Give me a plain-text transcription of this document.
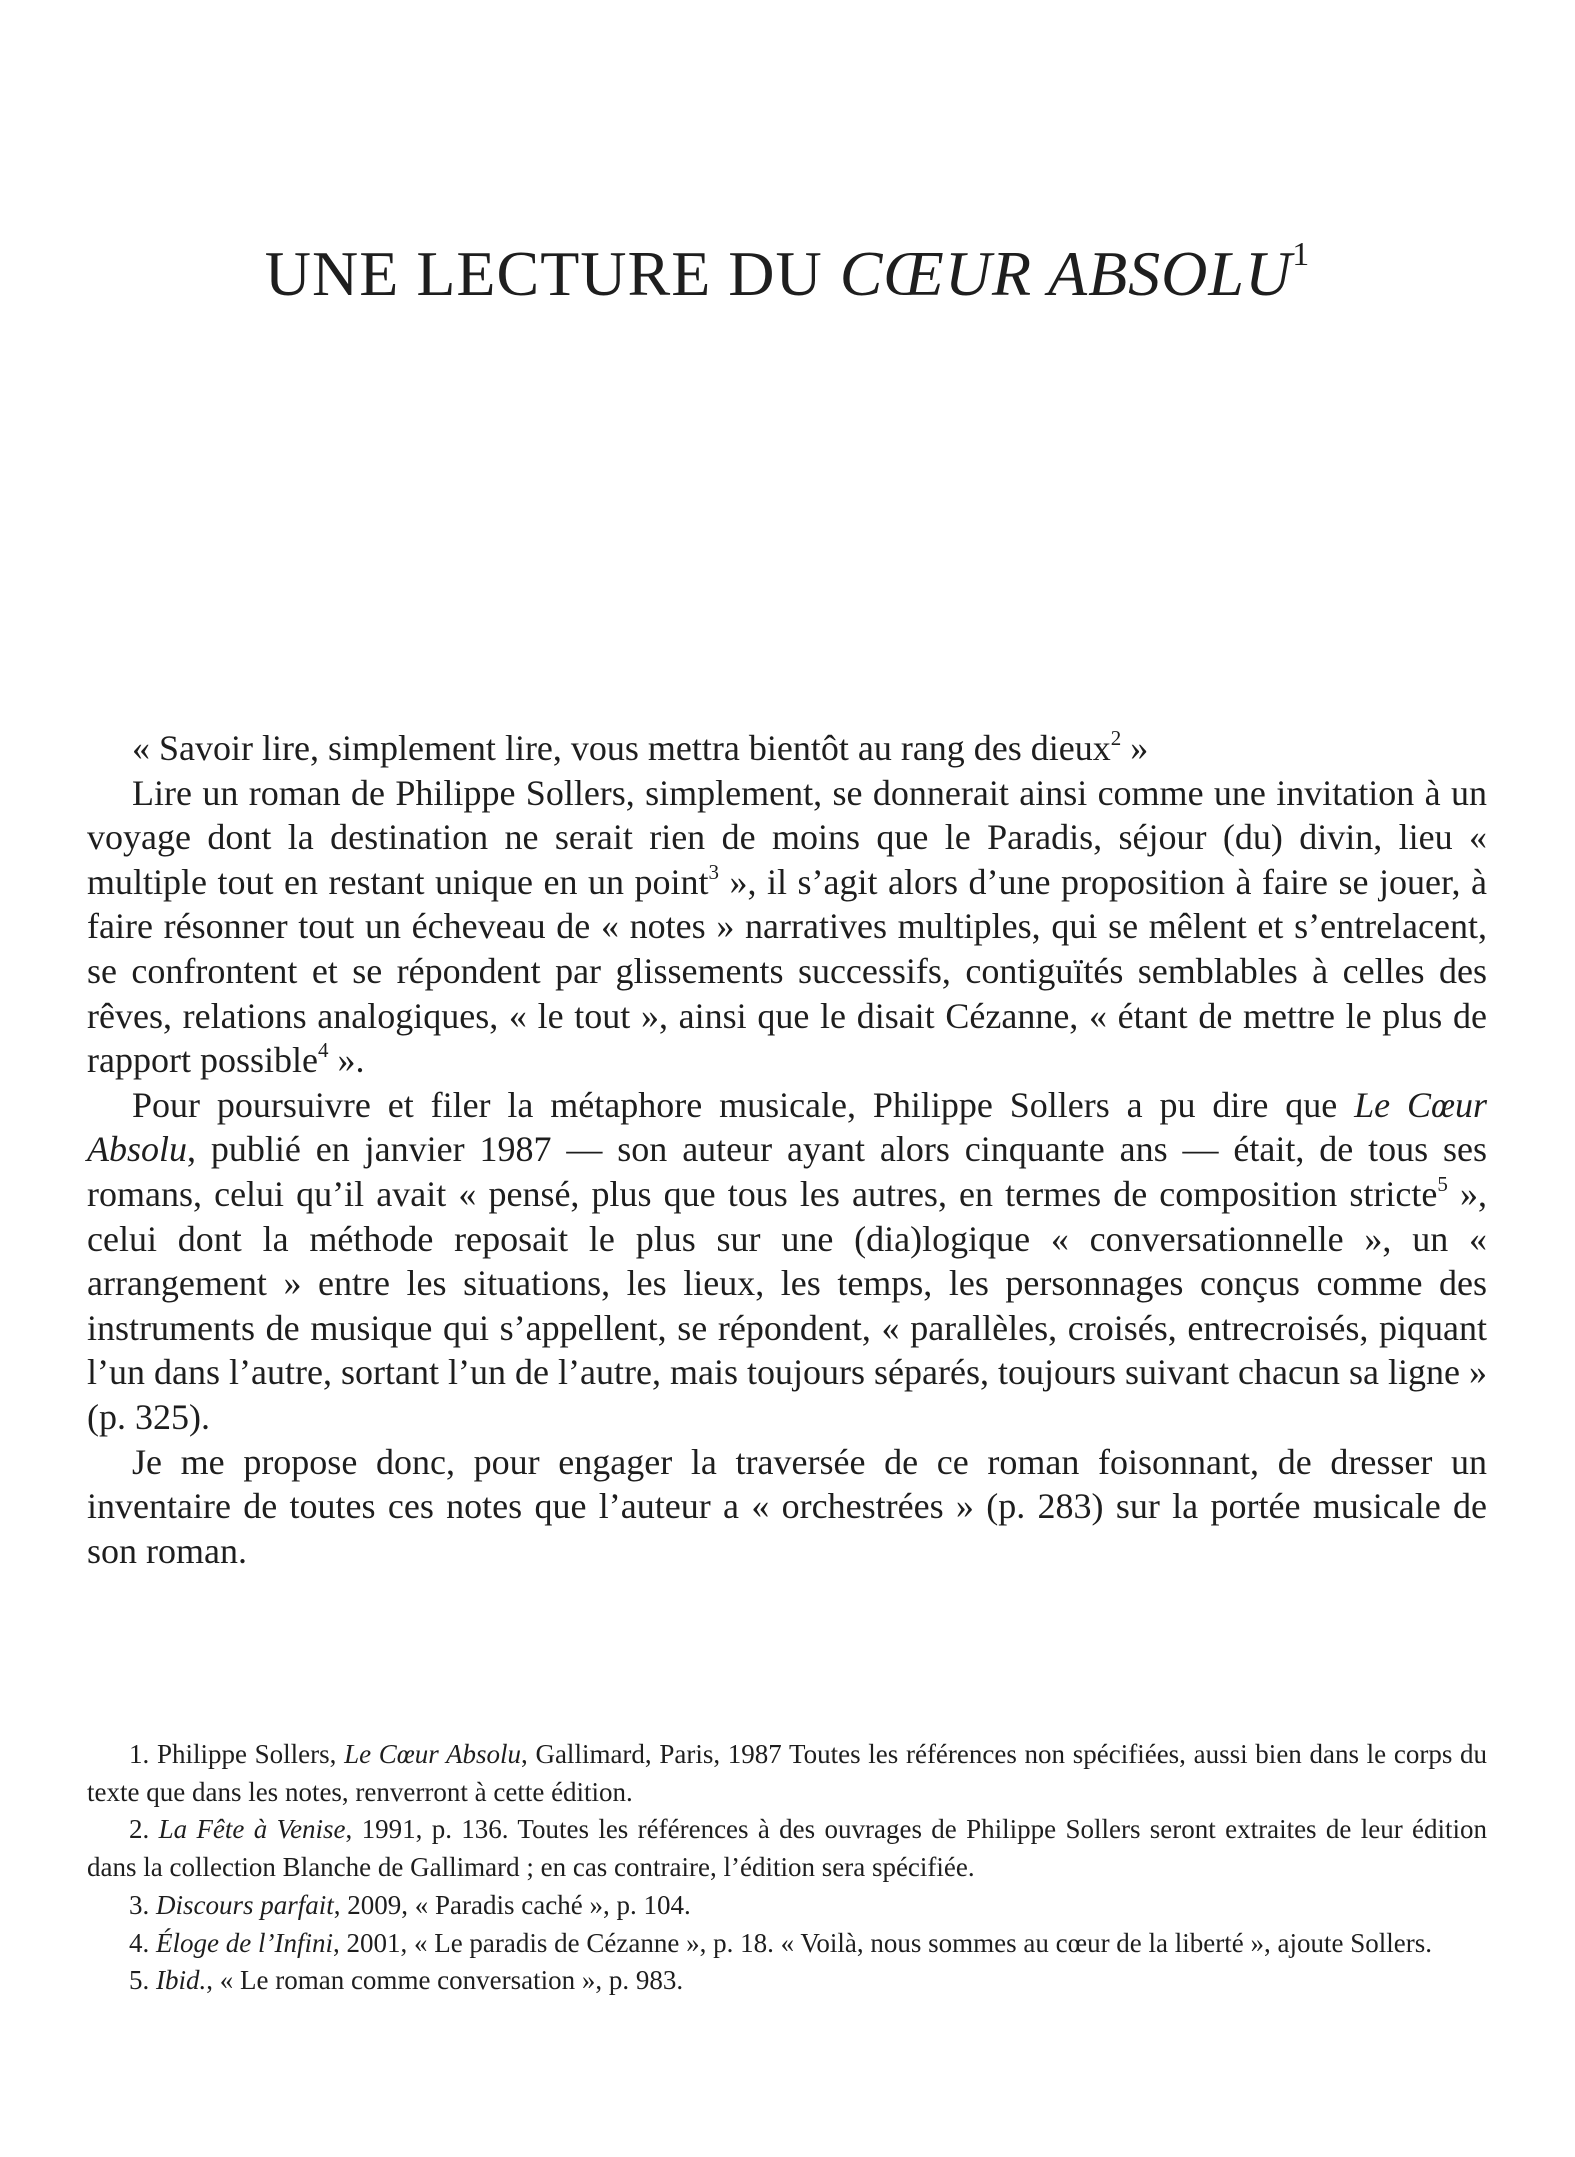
UNE LECTURE DU CŒUR ABSOLU$^1$

« Savoir lire, simplement lire, vous mettra bientôt au rang des dieux$^2$ »

Lire un roman de Philippe Sollers, simplement, se donnerait ainsi comme une invitation à un voyage dont la destination ne serait rien de moins que le Paradis, séjour (du) divin, lieu « multiple tout en restant unique en un point$^3$ », il s’agit alors d’une proposition à faire se jouer, à faire résonner tout un écheveau de « notes » narratives multiples, qui se mêlent et s’entrelacent, se confrontent et se répondent par glissements successifs, contiguïtés semblables à celles des rêves, relations analogiques, « le tout », ainsi que le disait Cézanne, « étant de mettre le plus de rapport possible$^4$ ».

Pour poursuivre et filer la métaphore musicale, Philippe Sollers a pu dire que Le Cœur Absolu, publié en janvier 1987 — son auteur ayant alors cinquante ans — était, de tous ses romans, celui qu’il avait « pensé, plus que tous les autres, en termes de composition stricte$^5$ », celui dont la méthode reposait le plus sur une (dia)logique « conversationnelle », un « arrangement » entre les situations, les lieux, les temps, les personnages conçus comme des instruments de musique qui s’appellent, se répondent, « parallèles, croisés, entrecroisés, piquant l’un dans l’autre, sortant l’un de l’autre, mais toujours séparés, toujours suivant chacun sa ligne » (p. 325).

Je me propose donc, pour engager la traversée de ce roman foisonnant, de dresser un inventaire de toutes ces notes que l’auteur a « orchestrées » (p. 283) sur la portée musicale de son roman.

1. Philippe Sollers, Le Cœur Absolu, Gallimard, Paris, 1987 Toutes les références non spécifiées, aussi bien dans le corps du texte que dans les notes, renverront à cette édition.

2. La Fête à Venise, 1991, p. 136. Toutes les références à des ouvrages de Philippe Sollers seront extraites de leur édition dans la collection Blanche de Gallimard ; en cas contraire, l’édition sera spécifiée.

3. Discours parfait, 2009, « Paradis caché », p. 104.

4. Éloge de l’Infini, 2001, « Le paradis de Cézanne », p. 18. « Voilà, nous sommes au cœur de la liberté », ajoute Sollers.

5. Ibid., « Le roman comme conversation », p. 983.
